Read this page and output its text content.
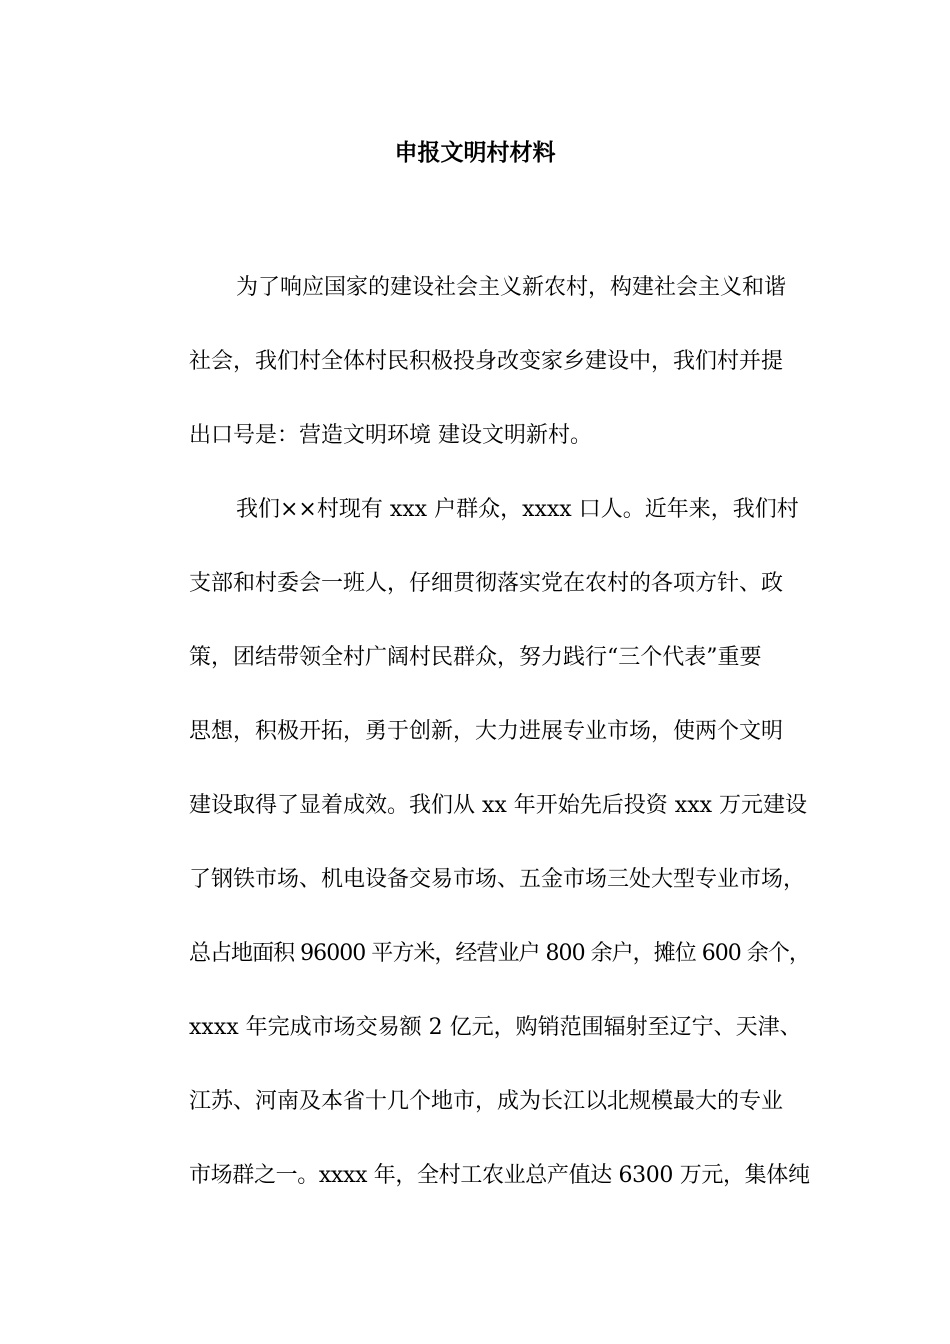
申报文明村材料
为了响应国家的建设社会主义新农村，构建社会主义和谐
社会，我们村全体村民积极投身改变家乡建设中，我们村并提
出口号是：营造文明环境 建设文明新村。
我们××村现有 xxx 户群众，xxxx 口人。近年来，我们村
支部和村委会一班人，仔细贯彻落实党在农村的各项方针、政
策，团结带领全村广阔村民群众，努力践行“三个代表”重要
思想，积极开拓，勇于创新，大力进展专业市场，使两个文明
建设取得了显着成效。我们从 xx 年开始先后投资 xxx 万元建设
了钢铁市场、机电设备交易市场、五金市场三处大型专业市场，
总占地面积 96000 平方米，经营业户 800 余户，摊位 600 余个，
xxxx 年完成市场交易额 2 亿元，购销范围辐射至辽宁、天津、
江苏、河南及本省十几个地市，成为长江以北规模最大的专业
市场群之一。xxxx 年，全村工农业总产值达 6300 万元，集体纯
